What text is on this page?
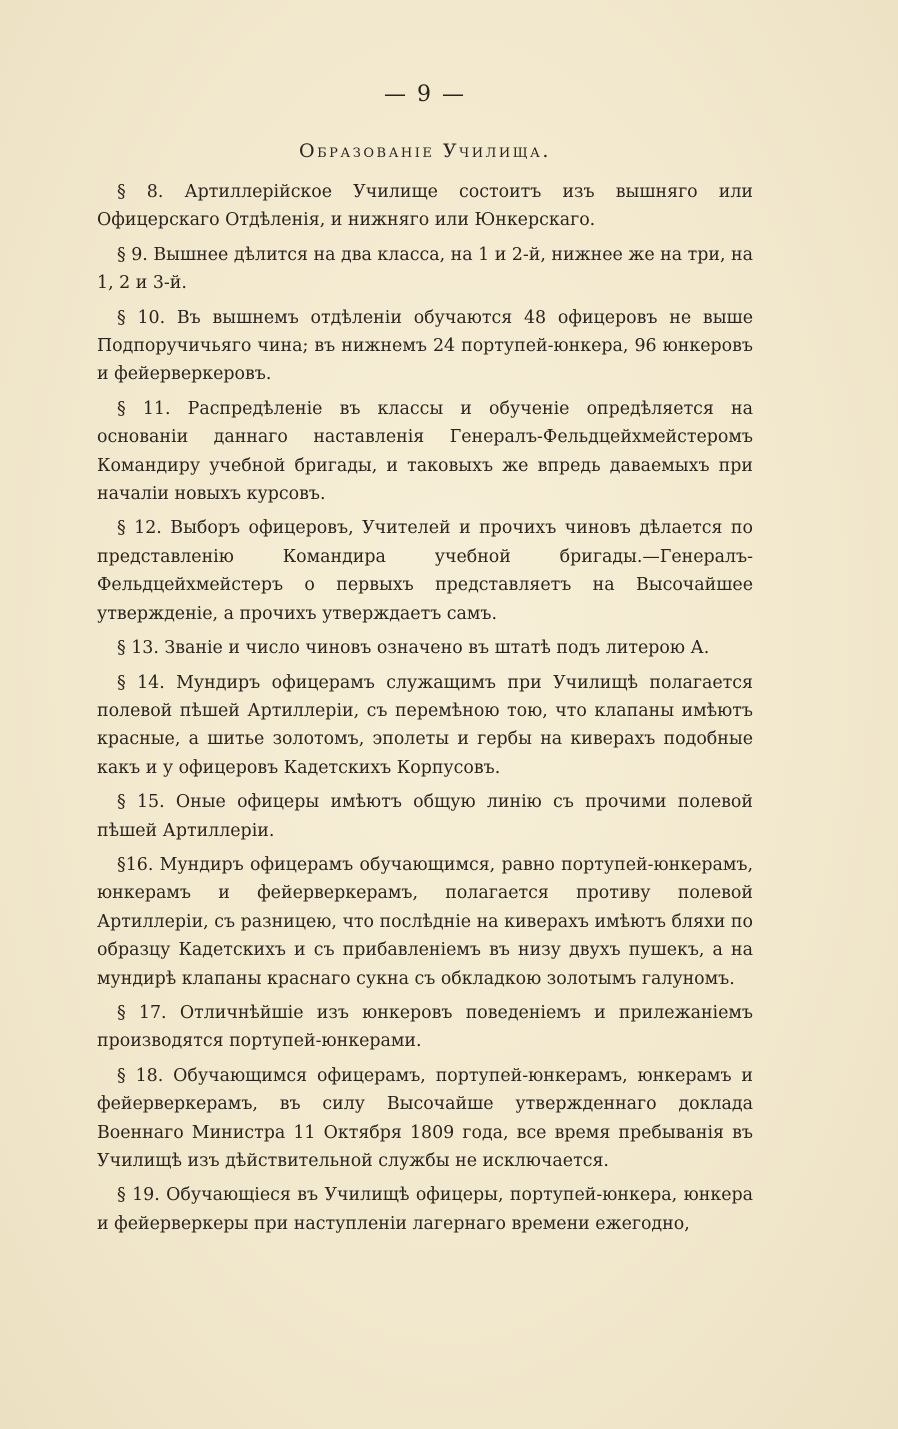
— 9 —
Образованіе Училища.

§ 8. Артиллерійское Училище состоитъ изъ вышняго или Офицерскаго Отдѣленія, и нижняго или Юнкерскаго.

§ 9. Вышнее дѣлится на два класса, на 1 и 2-й, нижнее же на три, на 1, 2 и 3-й.

§ 10. Въ вышнемъ отдѣленіи обучаются 48 офицеровъ не выше Подпоручичьяго чина; въ нижнемъ 24 портупей-юнкера, 96 юнкеровъ и фейерверкеровъ.

§ 11. Распредѣленіе въ классы и обученіе опредѣляется на основаніи даннаго наставленія Генералъ-Фельдцейхмейстеромъ Командиру учебной бригады, и таковыхъ же впредь даваемыхъ при началіи новыхъ курсовъ.

§ 12. Выборъ офицеровъ, Учителей и прочихъ чиновъ дѣлается по представленію Командира учебной бригады.—Генералъ-Фельдцейхмейстеръ о первыхъ представляетъ на Высочайшее утвержденіе, а прочихъ утверждаетъ самъ.

§ 13. Званіе и число чиновъ означено въ штатѣ подъ литерою А.

§ 14. Мундиръ офицерамъ служащимъ при Училищѣ полагается полевой пѣшей Артиллеріи, съ перемѣною тою, что клапаны имѣютъ красные, а шитье золотомъ, эполеты и гербы на киверахъ подобные какъ и у офицеровъ Кадетскихъ Корпусовъ.

§ 15. Оные офицеры имѣютъ общую линію съ прочими полевой пѣшей Артиллеріи.

§16. Мундиръ офицерамъ обучающимся, равно портупей-юнкерамъ, юнкерамъ и фейерверкерамъ, полагается противу полевой Артиллеріи, съ разницею, что послѣдніе на киверахъ имѣютъ бляхи по образцу Кадетскихъ и съ прибавленіемъ въ низу двухъ пушекъ, а на мундирѣ клапаны краснаго сукна съ обкладкою золотымъ галуномъ.

§ 17. Отличнѣйшіе изъ юнкеровъ поведеніемъ и прилежаніемъ производятся портупей-юнкерами.

§ 18. Обучающимся офицерамъ, портупей-юнкерамъ, юнкерамъ и фейерверкерамъ, въ силу Высочайше утвержденнаго доклада Военнаго Министра 11 Октября 1809 года, все время пребыванія въ Училищѣ изъ дѣйствительной службы не исключается.

§ 19. Обучающіеся въ Училищѣ офицеры, портупей-юнкера, юнкера и фейерверкеры при наступленіи лагернаго времени ежегодно,
